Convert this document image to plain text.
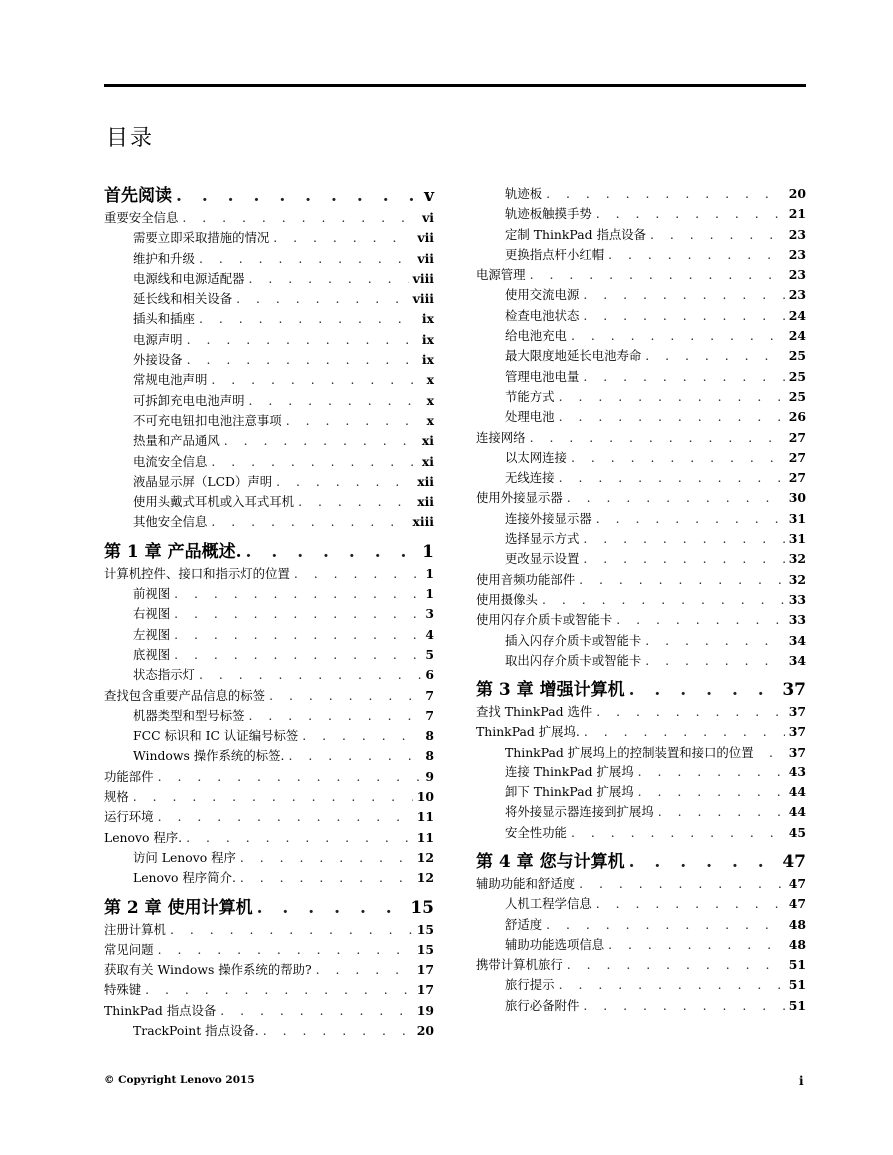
目录
首先阅读 . . .	v
重要安全信息 . . .	vi
需要立即采取措施的情况 . . .	vii
维护和升级 . . .	vii
电源线和电源适配器 . . .	viii
延长线和相关设备 . . .	viii
插头和插座 . . .	ix
电源声明 . . .	ix
外接设备 . . .	ix
常规电池声明 . . .	x
可拆卸充电电池声明 . . .	x
不可充电钮扣电池注意事项 . . .	x
热量和产品通风 . . .	xi
电流安全信息 . . .	xi
液晶显示屏（LCD）声明 . . .	xii
使用头戴式耳机或入耳式耳机 . . .	xii
其他安全信息 . . .	xiii
第 1 章 产品概述. . . .	1
计算机控件、接口和指示灯的位置 . . .	1
前视图 . . .	1
右视图 . . .	3
左视图 . . .	4
底视图 . . .	5
状态指示灯 . . .	6
查找包含重要产品信息的标签 . . .	7
机器类型和型号标签 . . .	7
FCC 标识和 IC 认证编号标签 . . .	8
Windows 操作系统的标签. . . .	8
功能部件 . . .	9
规格 . . .	10
运行环境 . . .	11
Lenovo 程序. . . .	11
访问 Lenovo 程序 . . .	12
Lenovo 程序简介. . . .	12
第 2 章 使用计算机 . . .	15
注册计算机 . . .	15
常见问题 . . .	15
获取有关 Windows 操作系统的帮助? . . .	17
特殊键 . . .	17
ThinkPad 指点设备 . . .	19
TrackPoint 指点设备. . . .	20
轨迹板 . . .	20
轨迹板触摸手势 . . .	21
定制 ThinkPad 指点设备 . . .	23
更换指点杆小红帽 . . .	23
电源管理 . . .	23
使用交流电源 . . .	23
检查电池状态 . . .	24
给电池充电 . . .	24
最大限度地延长电池寿命 . . .	25
管理电池电量 . . .	25
节能方式 . . .	25
处理电池 . . .	26
连接网络 . . .	27
以太网连接 . . .	27
无线连接 . . .	27
使用外接显示器 . . .	30
连接外接显示器 . . .	31
选择显示方式 . . .	31
更改显示设置 . . .	32
使用音频功能部件 . . .	32
使用摄像头 . . .	33
使用闪存介质卡或智能卡 . . .	33
插入闪存介质卡或智能卡 . . .	34
取出闪存介质卡或智能卡 . . .	34
第 3 章 增强计算机 . . .	37
查找 ThinkPad 选件 . . .	37
ThinkPad 扩展坞. . . .	37
ThinkPad 扩展坞上的控制装置和接口的位置 . . .	37
连接 ThinkPad 扩展坞 . . .	43
卸下 ThinkPad 扩展坞 . . .	44
将外接显示器连接到扩展坞 . . .	44
安全性功能 . . .	45
第 4 章 您与计算机 . . .	47
辅助功能和舒适度 . . .	47
人机工程学信息 . . .	47
舒适度 . . .	48
辅助功能选项信息 . . .	48
携带计算机旅行 . . .	51
旅行提示 . . .	51
旅行必备附件 . . .	51
© Copyright Lenovo 2015	i
